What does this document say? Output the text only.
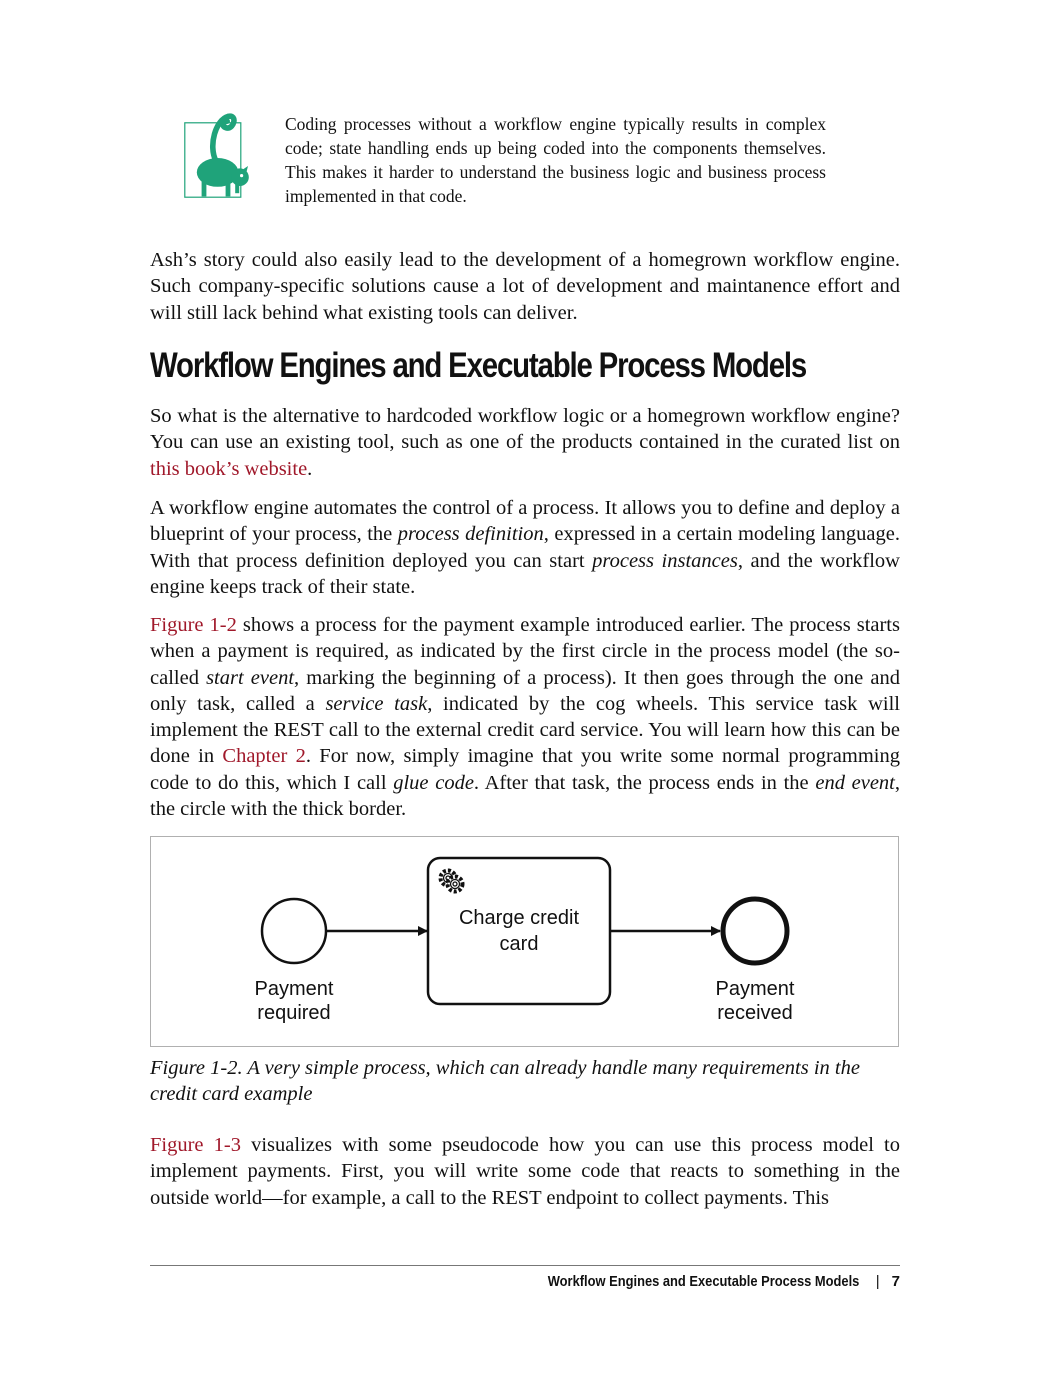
Coding processes without a workflow engine typically results in complex code; state handling ends up being coded into the components themselves. This makes it harder to understand the business logic and business process implemented in that code.

Ash’s story could also easily lead to the development of a homegrown workflow engine. Such company-specific solutions cause a lot of development and maintanence effort and will still lack behind what existing tools can deliver.

Workflow Engines and Executable Process Models

So what is the alternative to hardcoded workflow logic or a homegrown workflow engine? You can use an existing tool, such as one of the products contained in the curated list on this book’s website.

A workflow engine automates the control of a process. It allows you to define and deploy a blueprint of your process, the process definition, expressed in a certain modeling language. With that process definition deployed you can start process instances, and the workflow engine keeps track of their state.

Figure 1-2 shows a process for the payment example introduced earlier. The process starts when a payment is required, as indicated by the first circle in the process model (the so-called start event, marking the beginning of a process). It then goes through the one and only task, called a service task, indicated by the cog wheels. This service task will implement the REST call to the external credit card service. You will learn how this can be done in Chapter 2. For now, simply imagine that you write some normal programming code to do this, which I call glue code. After that task, the process ends in the end event, the circle with the thick border.

Charge credit
card
Payment
required
Payment
received

Figure 1-2. A very simple process, which can already handle many requirements in the credit card example

Figure 1-3 visualizes with some pseudocode how you can use this process model to implement payments. First, you will write some code that reacts to something in the outside world—for example, a call to the REST endpoint to collect payments. This

Workflow Engines and Executable Process Models | 7
